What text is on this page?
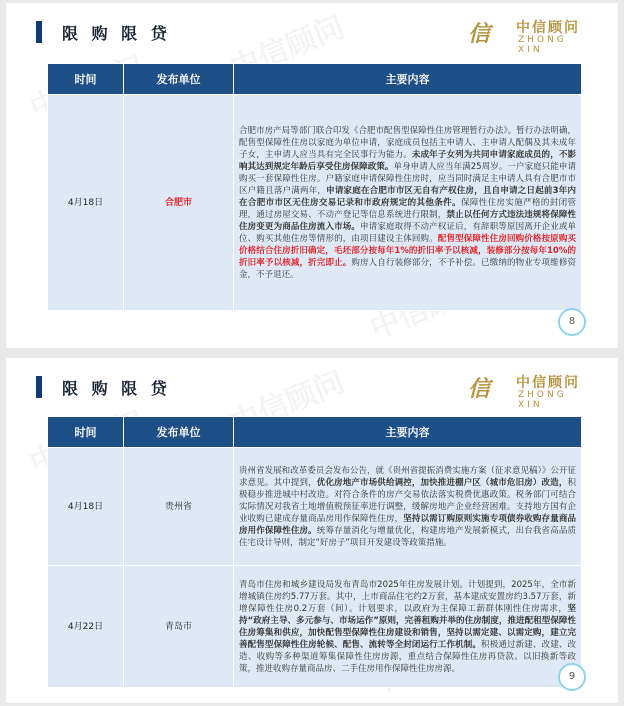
限 购 限 贷	信 中信顾问
ZHONG XIN
时间	发布单位	主要内容
4月18日	合肥市	合肥市房产局等部门联合印发《合肥市配售型保障性住房管理暂行办法》。暂行办法明确，配售型保障性住房以家庭为单位申请，家庭成员包括主申请人、主申请人配偶及其未成年子女，主申请人应当具有完全民事行为能力。未成年子女列为共同申请家庭成员的，不影响其达到规定年龄后享受住房保障政策。单身申请人应当年满25周岁。一户家庭只能申请购买一套保障性住房。户籍家庭申请保障性住房时，应当同时满足主申请人具有合肥市市区户籍且落户满两年，申请家庭在合肥市市区无自有产权住房，且自申请之日起前3年内在合肥市市区无住房交易记录和市政府规定的其他条件。保障性住房实施严格的封闭管理，通过房屋交易、不动产登记等信息系统进行限制，禁止以任何方式违法违规将保障性住房变更为商品住房流入市场。申请家庭取得不动产权证后，有辞职等原因离开企业或单位、购买其他住房等情形的，由项目建设主体回购。配售型保障性住房回购价格按原购买价格结合住房折旧确定，毛坯部分按每年1%的折旧率予以核减，装修部分按每年10%的折旧率予以核减，折完即止。购房人自行装修部分，不予补偿。已缴纳的物业专项维修资金，不予退还。
8
限 购 限 贷	信 中信顾问
ZHONG XIN
时间	发布单位	主要内容
4月18日	贵州省	贵州省发展和改革委员会发布公告，就《贵州省提振消费实施方案（征求意见稿）》公开征求意见。其中提到，优化房地产市场供给调控，加快推进棚户区（城市危旧房）改造，积极稳步推进城中村改造。对符合条件的房产交易依法落实税费优惠政策。税务部门可结合实际情况对我省土地增值税预征率进行调整，缓解房地产企业经营困难。支持地方国有企业收购已建成存量商品房用作保障性住房，坚持以需订购原则实施专项债券收购存量商品房用作保障性住房。统筹存量消化与增量优化，构建房地产发展新模式，出台我省高品质住宅设计导则，制定“好房子”项目开发建设等政策措施。
4月22日	青岛市	青岛市住房和城乡建设局发布青岛市2025年住房发展计划。计划提到，2025年，全市新增城镇住房约5.77万套。其中，上市商品住宅约2万套，基本建成安置房约3.57万套，新增保障性住房0.2万套（间）。计划要求，以政府为主保障工薪群体刚性住房需求，坚持“政府主导、多元参与、市场运作”原则，完善租购并举的住房制度，推进配租型保障性住房筹集和供应，加快配售型保障性住房建设和销售，坚持以需定建、以需定购，建立完善配售型保障性住房轮候、配售、流转等全封闭运行工作机制。积极通过新建、改建、改造、收购等多种渠道筹集保障性住房房源，重点结合保障性住房再贷款、以旧换新等政策，推进收购存量商品房、二手住房用作保障性住房房源。
9
